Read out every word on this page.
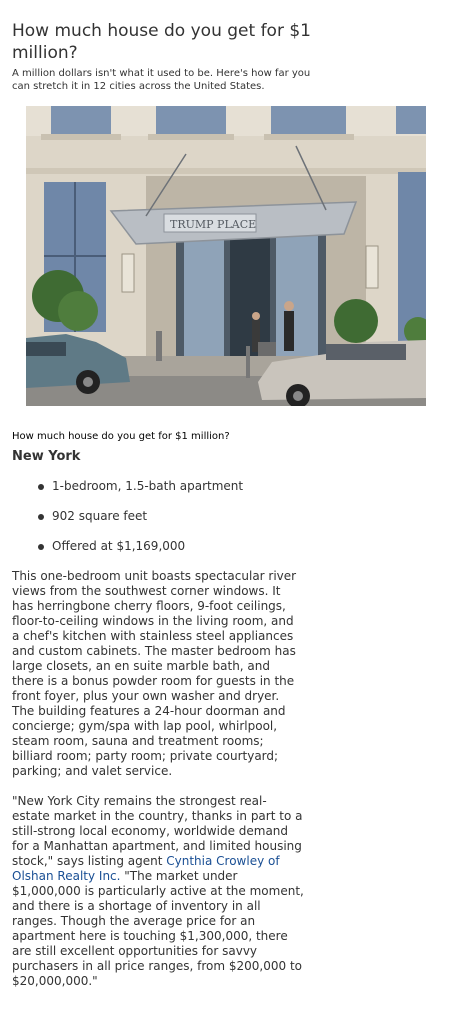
How much house do you get for $1 million?

A million dollars isn't what it used to be. Here's how far you can stretch it in 12 cities across the United States.

TRUMP PLACE

How much house do you get for $1 million?

New York
1-bedroom, 1.5-bath apartment
902 square feet
Offered at $1,169,000

This one-bedroom unit boasts spectacular river views from the southwest corner windows. It has herringbone cherry floors, 9-foot ceilings, floor-to-ceiling windows in the living room, and a chef's kitchen with stainless steel appliances and custom cabinets. The master bedroom has large closets, an en suite marble bath, and there is a bonus powder room for guests in the front foyer, plus your own washer and dryer. The building features a 24-hour doorman and concierge; gym/spa with lap pool, whirlpool, steam room, sauna and treatment rooms; billiard room; party room; private courtyard; parking; and valet service.

"New York City remains the strongest real-estate market in the country, thanks in part to a still-strong local economy, worldwide demand for a Manhattan apartment, and limited housing stock," says listing agent Cynthia Crowley of Olshan Realty Inc. "The market under $1,000,000 is particularly active at the moment, and there is a shortage of inventory in all ranges. Though the average price for an apartment here is touching $1,300,000, there are still excellent opportunities for savvy purchasers in all price ranges, from $200,000 to $20,000,000."
